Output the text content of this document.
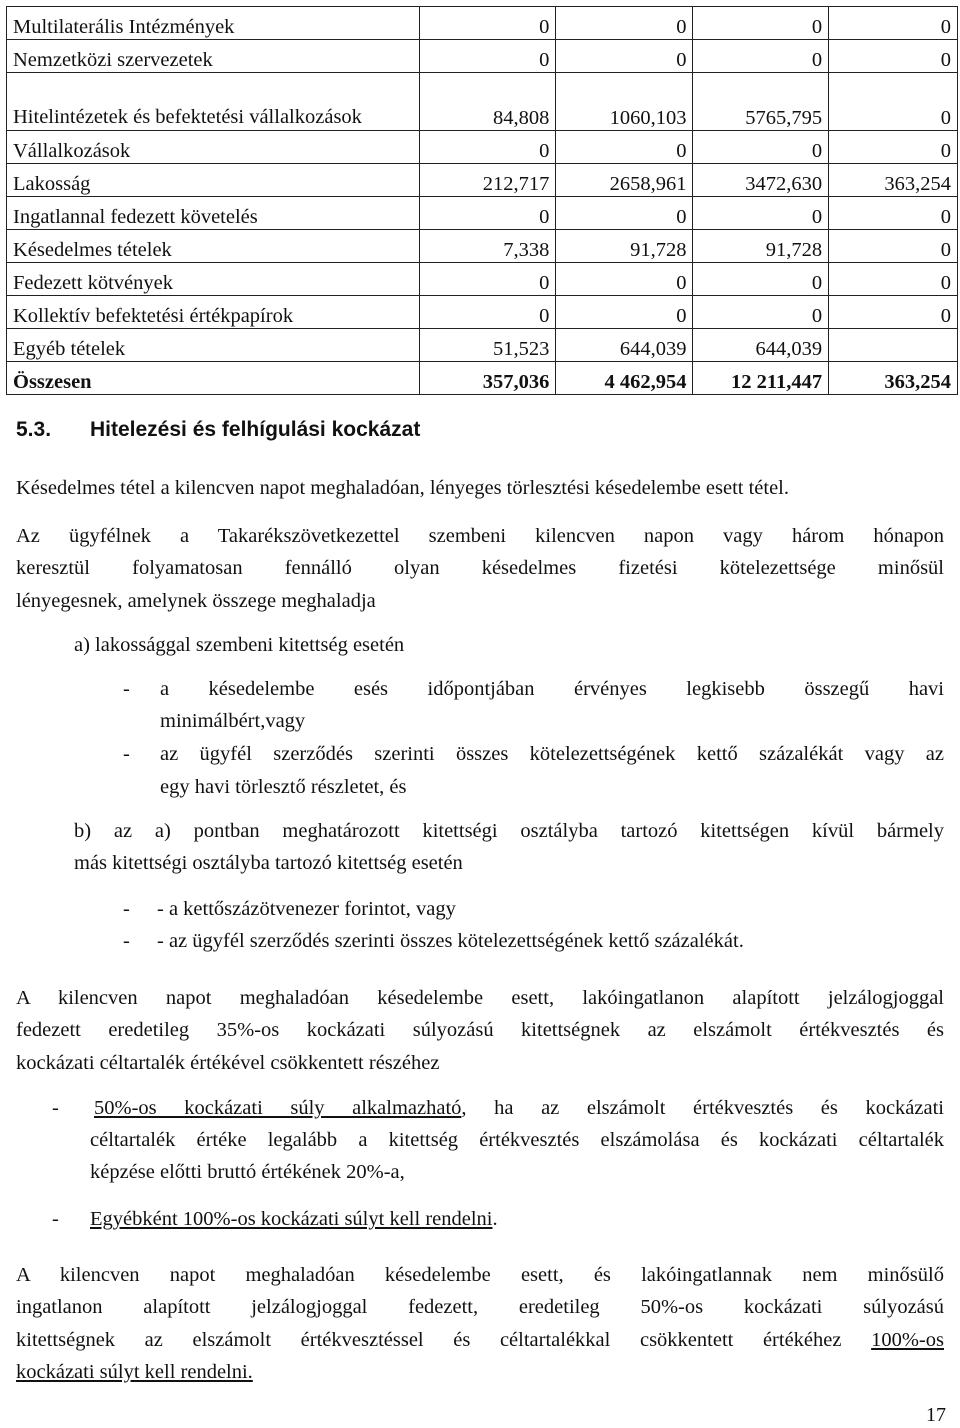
Multilaterális Intézmények	0	0	0	0
Nemzetközi szervezetek	0	0	0	0
Hitelintézetek és befektetési vállalkozások	84,808	1060,103	5765,795	0
Vállalkozások	0	0	0	0
Lakosság	212,717	2658,961	3472,630	363,254
Ingatlannal fedezett követelés	0	0	0	0
Késedelmes tételek	7,338	91,728	91,728	0
Fedezett kötvények	0	0	0	0
Kollektív befektetési értékpapírok	0	0	0	0
Egyéb tételek	51,523	644,039	644,039	
Összesen	357,036	4 462,954	12 211,447	363,254
5.3. Hitelezési és felhígulási kockázat
Késedelmes tétel a kilencven napot meghaladóan, lényeges törlesztési késedelembe esett tétel.
Az ügyfélnek a Takarékszövetkezettel szembeni kilencven napon vagy három hónapon
keresztül folyamatosan fennálló olyan késedelmes fizetési kötelezettsége minősül
lényegesnek, amelynek összege meghaladja
a) lakossággal szembeni kitettség esetén
- a késedelembe esés időpontjában érvényes legkisebb összegű havi
minimálbért,vagy
- az ügyfél szerződés szerinti összes kötelezettségének kettő százalékát vagy az
egy havi törlesztő részletet, és
b) az a) pontban meghatározott kitettségi osztályba tartozó kitettségen kívül bármely
más kitettségi osztályba tartozó kitettség esetén
- - a kettőszázötvenezer forintot, vagy
- - az ügyfél szerződés szerinti összes kötelezettségének kettő százalékát.
A kilencven napot meghaladóan késedelembe esett, lakóingatlanon alapított jelzálogjoggal
fedezett eredetileg 35%-os kockázati súlyozású kitettségnek az elszámolt értékvesztés és
kockázati céltartalék értékével csökkentett részéhez
- 50%-os kockázati súly alkalmazható, ha az elszámolt értékvesztés és kockázati
céltartalék értéke legalább a kitettség értékvesztés elszámolása és kockázati céltartalék
képzése előtti bruttó értékének 20%-a,
- Egyébként 100%-os kockázati súlyt kell rendelni.
A kilencven napot meghaladóan késedelembe esett, és lakóingatlannak nem minősülő
ingatlanon alapított jelzálogjoggal fedezett, eredetileg 50%-os kockázati súlyozású
kitettségnek az elszámolt értékvesztéssel és céltartalékkal csökkentett értékéhez 100%-os
kockázati súlyt kell rendelni.
17
